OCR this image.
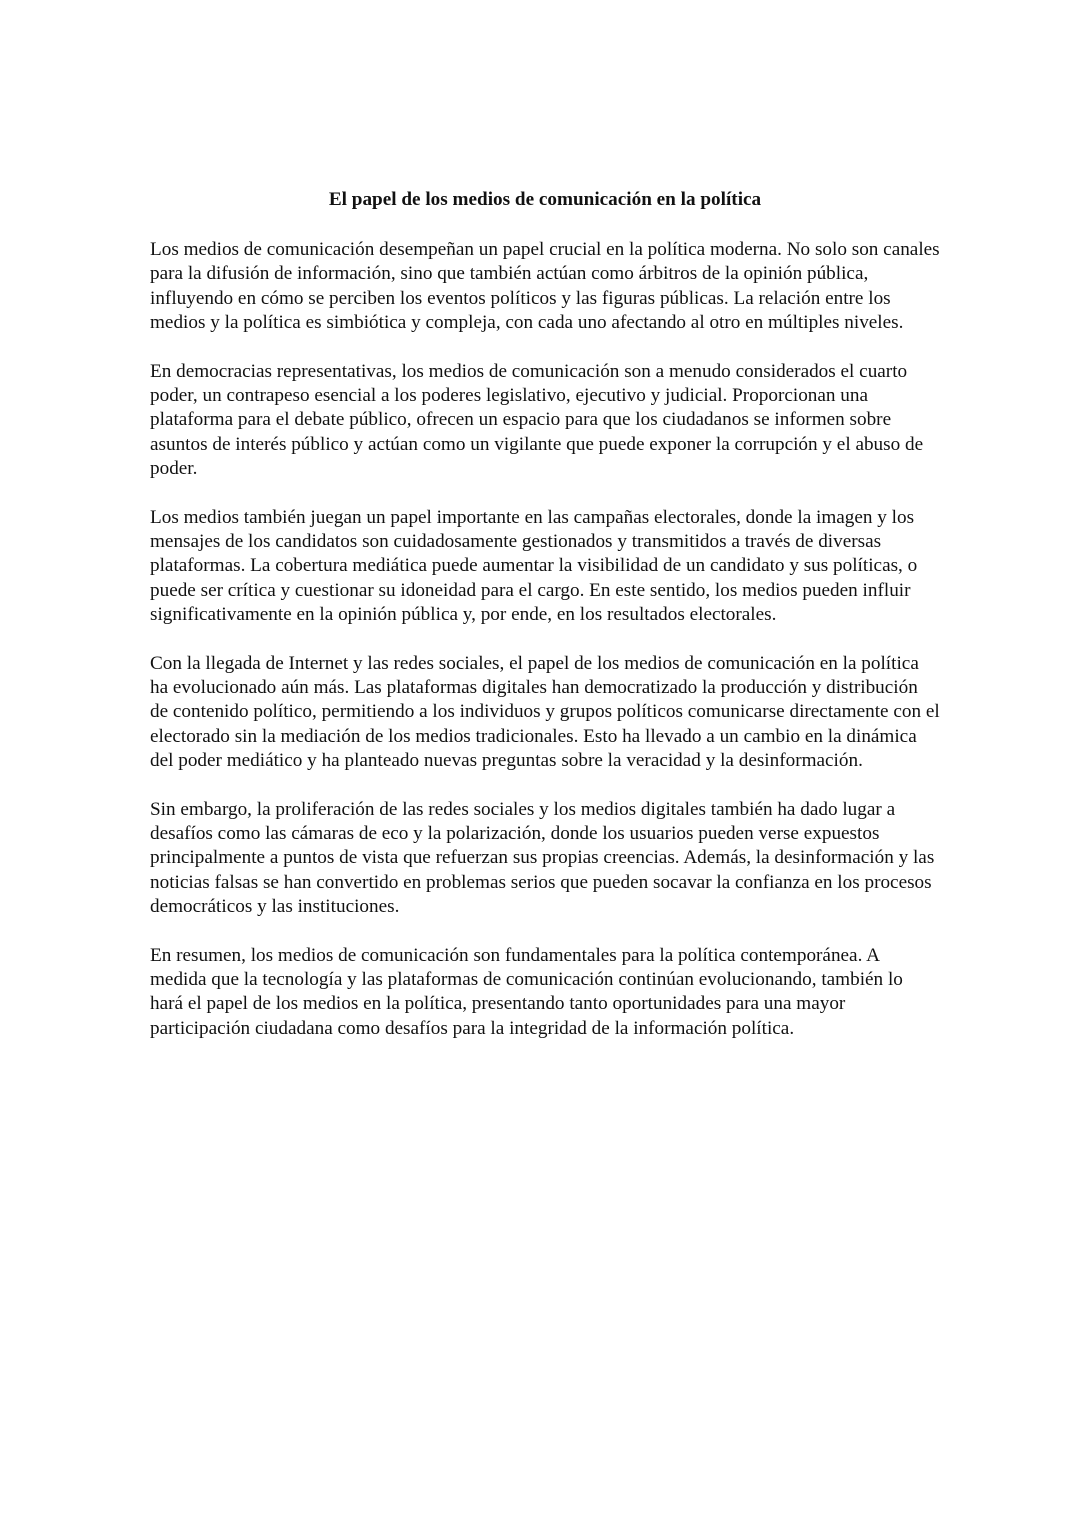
El papel de los medios de comunicación en la política

Los medios de comunicación desempeñan un papel crucial en la política moderna. No solo son canales para la difusión de información, sino que también actúan como árbitros de la opinión pública, influyendo en cómo se perciben los eventos políticos y las figuras públicas. La relación entre los medios y la política es simbiótica y compleja, con cada uno afectando al otro en múltiples niveles.

En democracias representativas, los medios de comunicación son a menudo considerados el cuarto poder, un contrapeso esencial a los poderes legislativo, ejecutivo y judicial. Proporcionan una plataforma para el debate público, ofrecen un espacio para que los ciudadanos se informen sobre asuntos de interés público y actúan como un vigilante que puede exponer la corrupción y el abuso de poder.

Los medios también juegan un papel importante en las campañas electorales, donde la imagen y los mensajes de los candidatos son cuidadosamente gestionados y transmitidos a través de diversas plataformas. La cobertura mediática puede aumentar la visibilidad de un candidato y sus políticas, o puede ser crítica y cuestionar su idoneidad para el cargo. En este sentido, los medios pueden influir significativamente en la opinión pública y, por ende, en los resultados electorales.

Con la llegada de Internet y las redes sociales, el papel de los medios de comunicación en la política ha evolucionado aún más. Las plataformas digitales han democratizado la producción y distribución de contenido político, permitiendo a los individuos y grupos políticos comunicarse directamente con el electorado sin la mediación de los medios tradicionales. Esto ha llevado a un cambio en la dinámica del poder mediático y ha planteado nuevas preguntas sobre la veracidad y la desinformación.

Sin embargo, la proliferación de las redes sociales y los medios digitales también ha dado lugar a desafíos como las cámaras de eco y la polarización, donde los usuarios pueden verse expuestos principalmente a puntos de vista que refuerzan sus propias creencias. Además, la desinformación y las noticias falsas se han convertido en problemas serios que pueden socavar la confianza en los procesos democráticos y las instituciones.

En resumen, los medios de comunicación son fundamentales para la política contemporánea. A medida que la tecnología y las plataformas de comunicación continúan evolucionando, también lo hará el papel de los medios en la política, presentando tanto oportunidades para una mayor participación ciudadana como desafíos para la integridad de la información política.
